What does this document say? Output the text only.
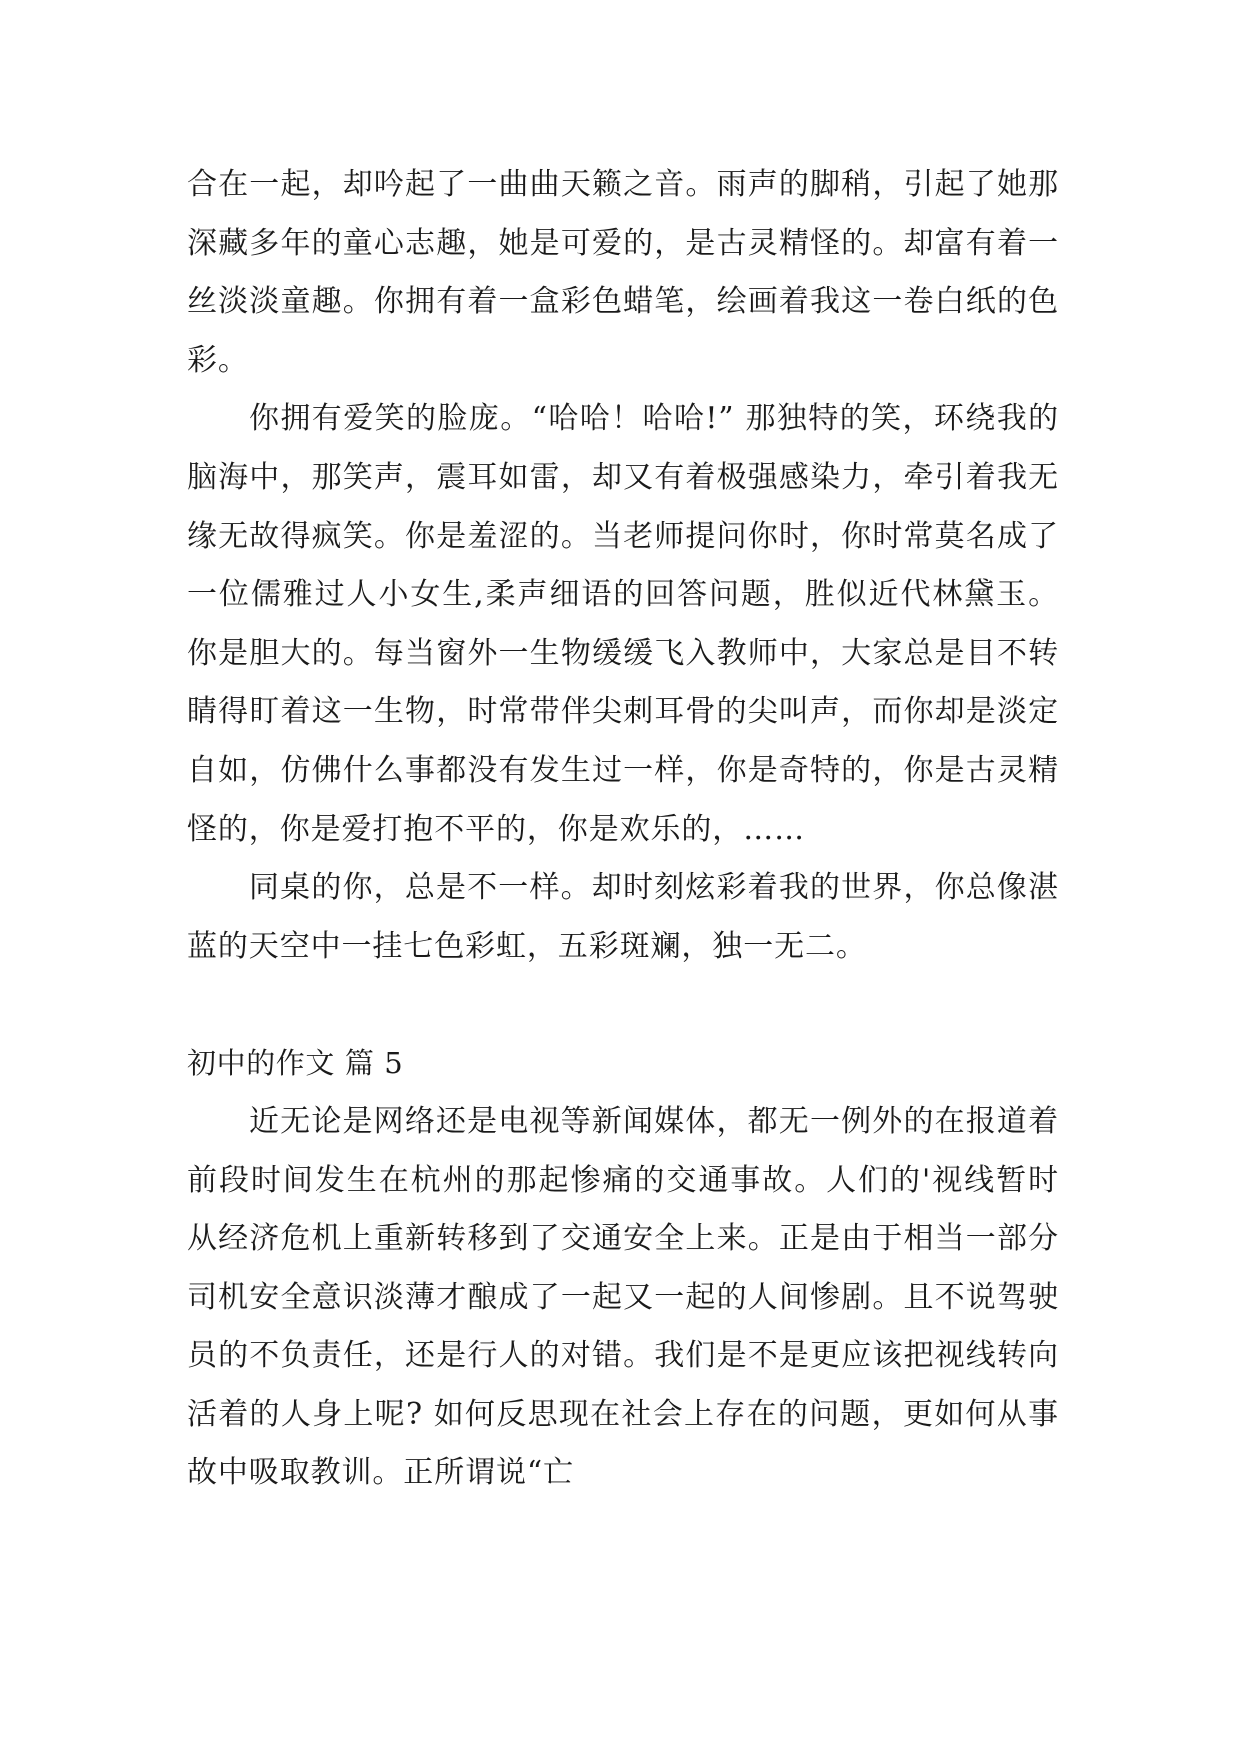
合在一起，却吟起了一曲曲天籁之音。雨声的脚稍，引起了她那深藏多年的童心志趣，她是可爱的，是古灵精怪的。却富有着一丝淡淡童趣。你拥有着一盒彩色蜡笔，绘画着我这一卷白纸的色彩。

你拥有爱笑的脸庞。“哈哈！哈哈!” 那独特的笑，环绕我的脑海中，那笑声，震耳如雷，却又有着极强感染力，牵引着我无缘无故得疯笑。你是羞涩的。当老师提问你时，你时常莫名成了一位儒雅过人小女生,柔声细语的回答问题，胜似近代林黛玉。你是胆大的。每当窗外一生物缓缓飞入教师中，大家总是目不转睛得盯着这一生物，时常带伴尖刺耳骨的尖叫声，而你却是淡定自如，仿佛什么事都没有发生过一样，你是奇特的，你是古灵精怪的，你是爱打抱不平的，你是欢乐的，……

同桌的你，总是不一样。却时刻炫彩着我的世界，你总像湛蓝的天空中一挂七色彩虹，五彩斑斓，独一无二。

初中的作文 篇 5

近无论是网络还是电视等新闻媒体，都无一例外的在报道着前段时间发生在杭州的那起惨痛的交通事故。人们的'视线暂时从经济危机上重新转移到了交通安全上来。正是由于相当一部分司机安全意识淡薄才酿成了一起又一起的人间惨剧。且不说驾驶员的不负责任，还是行人的对错。我们是不是更应该把视线转向活着的人身上呢? 如何反思现在社会上存在的问题，更如何从事故中吸取教训。正所谓说“亡
